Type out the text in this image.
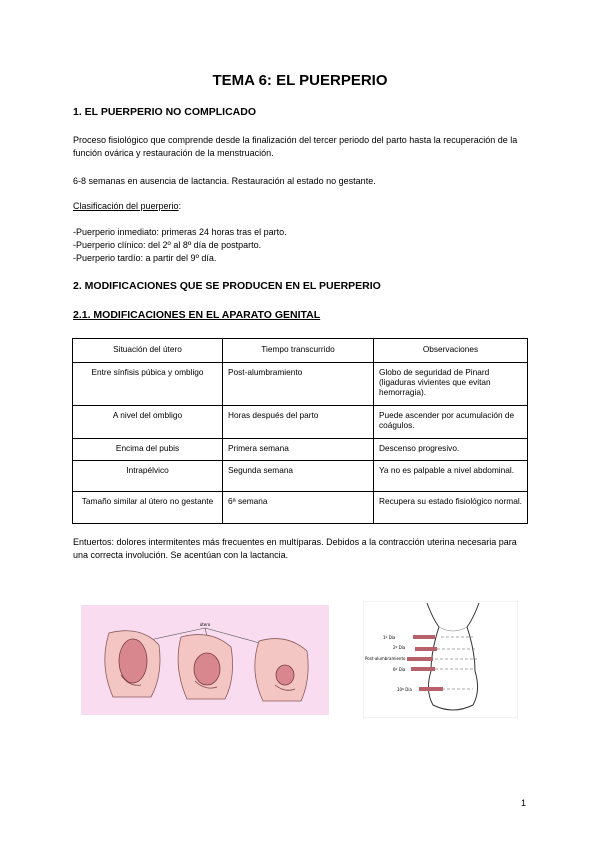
TEMA 6: EL PUERPERIO
1. EL PUERPERIO NO COMPLICADO
Proceso fisiológico que comprende desde la finalización del tercer periodo del parto hasta la recuperación de la función ovárica y restauración de la menstruación.
6-8 semanas en ausencia de lactancia. Restauración al estado no gestante.
Clasificación del puerperio:
-Puerperio inmediato: primeras 24 horas tras el parto.
-Puerperio clínico: del 2º al 8º día de postparto.
-Puerperio tardío: a partir del 9º día.
2. MODIFICACIONES QUE SE PRODUCEN EN EL PUERPERIO
2.1. MODIFICACIONES EN EL APARATO GENITAL
Situación del útero	Tiempo transcurrido	Observaciones
Entre sínfisis púbica y ombligo	Post-alumbramiento	Globo de seguridad de Pinard (ligaduras vivientes que evitan hemorragia).
A nivel del ombligo	Horas después del parto	Puede ascender por acumulación de coágulos.
Encima del pubis	Primera semana	Descenso progresivo.
Intrapélvico	Segunda semana	Ya no es palpable a nivel abdominal.
Tamaño similar al útero no gestante	6ª semana	Recupera su estado fisiológico normal.
Entuertos: dolores intermitentes más frecuentes en multíparas. Debidos a la contracción uterina necesaria para una correcta involución. Se acentúan con la lactancia.
útero
1º Día
2º Día
Post-alumbramiento
6º Día
10º Día
1
